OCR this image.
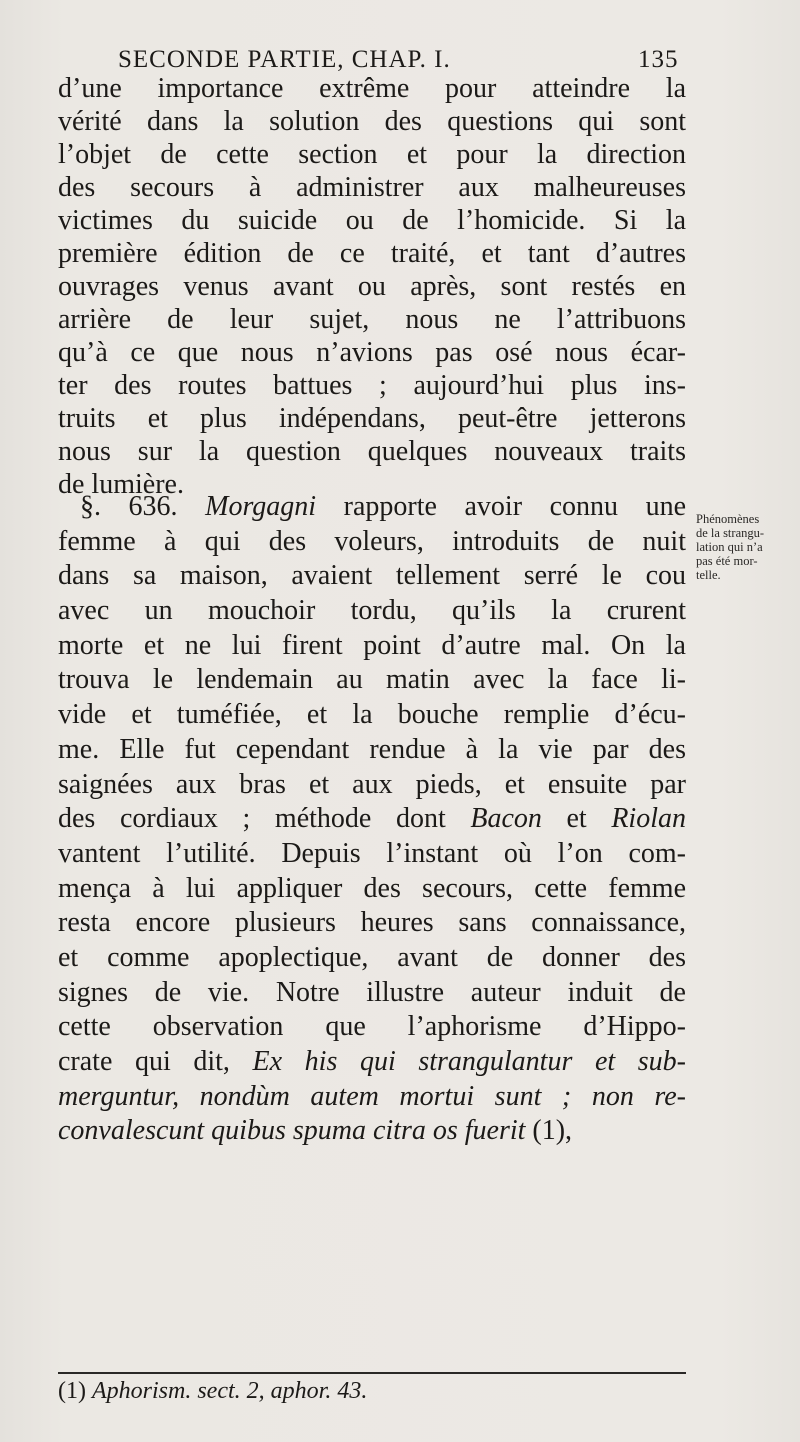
SECONDE PARTIE, CHAP. I.	135
d’une importance extrême pour atteindre la
vérité dans la solution des questions qui sont
l’objet de cette section et pour la direction
des secours à administrer aux malheureuses
victimes du suicide ou de l’homicide. Si la
première édition de ce traité, et tant d’autres
ouvrages venus avant ou après, sont restés en
arrière de leur sujet, nous ne l’attribuons
qu’à ce que nous n’avions pas osé nous écar-
ter des routes battues ; aujourd’hui plus ins-
truits et plus indépendans, peut-être jetterons
nous sur la question quelques nouveaux traits
de lumière.
§. 636. Morgagni rapporte avoir connu une
femme à qui des voleurs, introduits de nuit
dans sa maison, avaient tellement serré le cou
avec un mouchoir tordu, qu’ils la crurent
morte et ne lui firent point d’autre mal. On la
trouva le lendemain au matin avec la face li-
vide et tuméfiée, et la bouche remplie d’écu-
me. Elle fut cependant rendue à la vie par des
saignées aux bras et aux pieds, et ensuite par
des cordiaux ; méthode dont Bacon et Riolan
vantent l’utilité. Depuis l’instant où l’on com-
mença à lui appliquer des secours, cette femme
resta encore plusieurs heures sans connaissance,
et comme apoplectique, avant de donner des
signes de vie. Notre illustre auteur induit de
cette observation que l’aphorisme d’Hippo-
crate qui dit, Ex his qui strangulantur et sub-
merguntur, nondùm autem mortui sunt ; non re-
convalescunt quibus spuma citra os fuerit (1),
Phénomènes
de la strangu-
lation qui n’a
pas été mor-
telle.
(1) Aphorism. sect. 2, aphor. 43.
